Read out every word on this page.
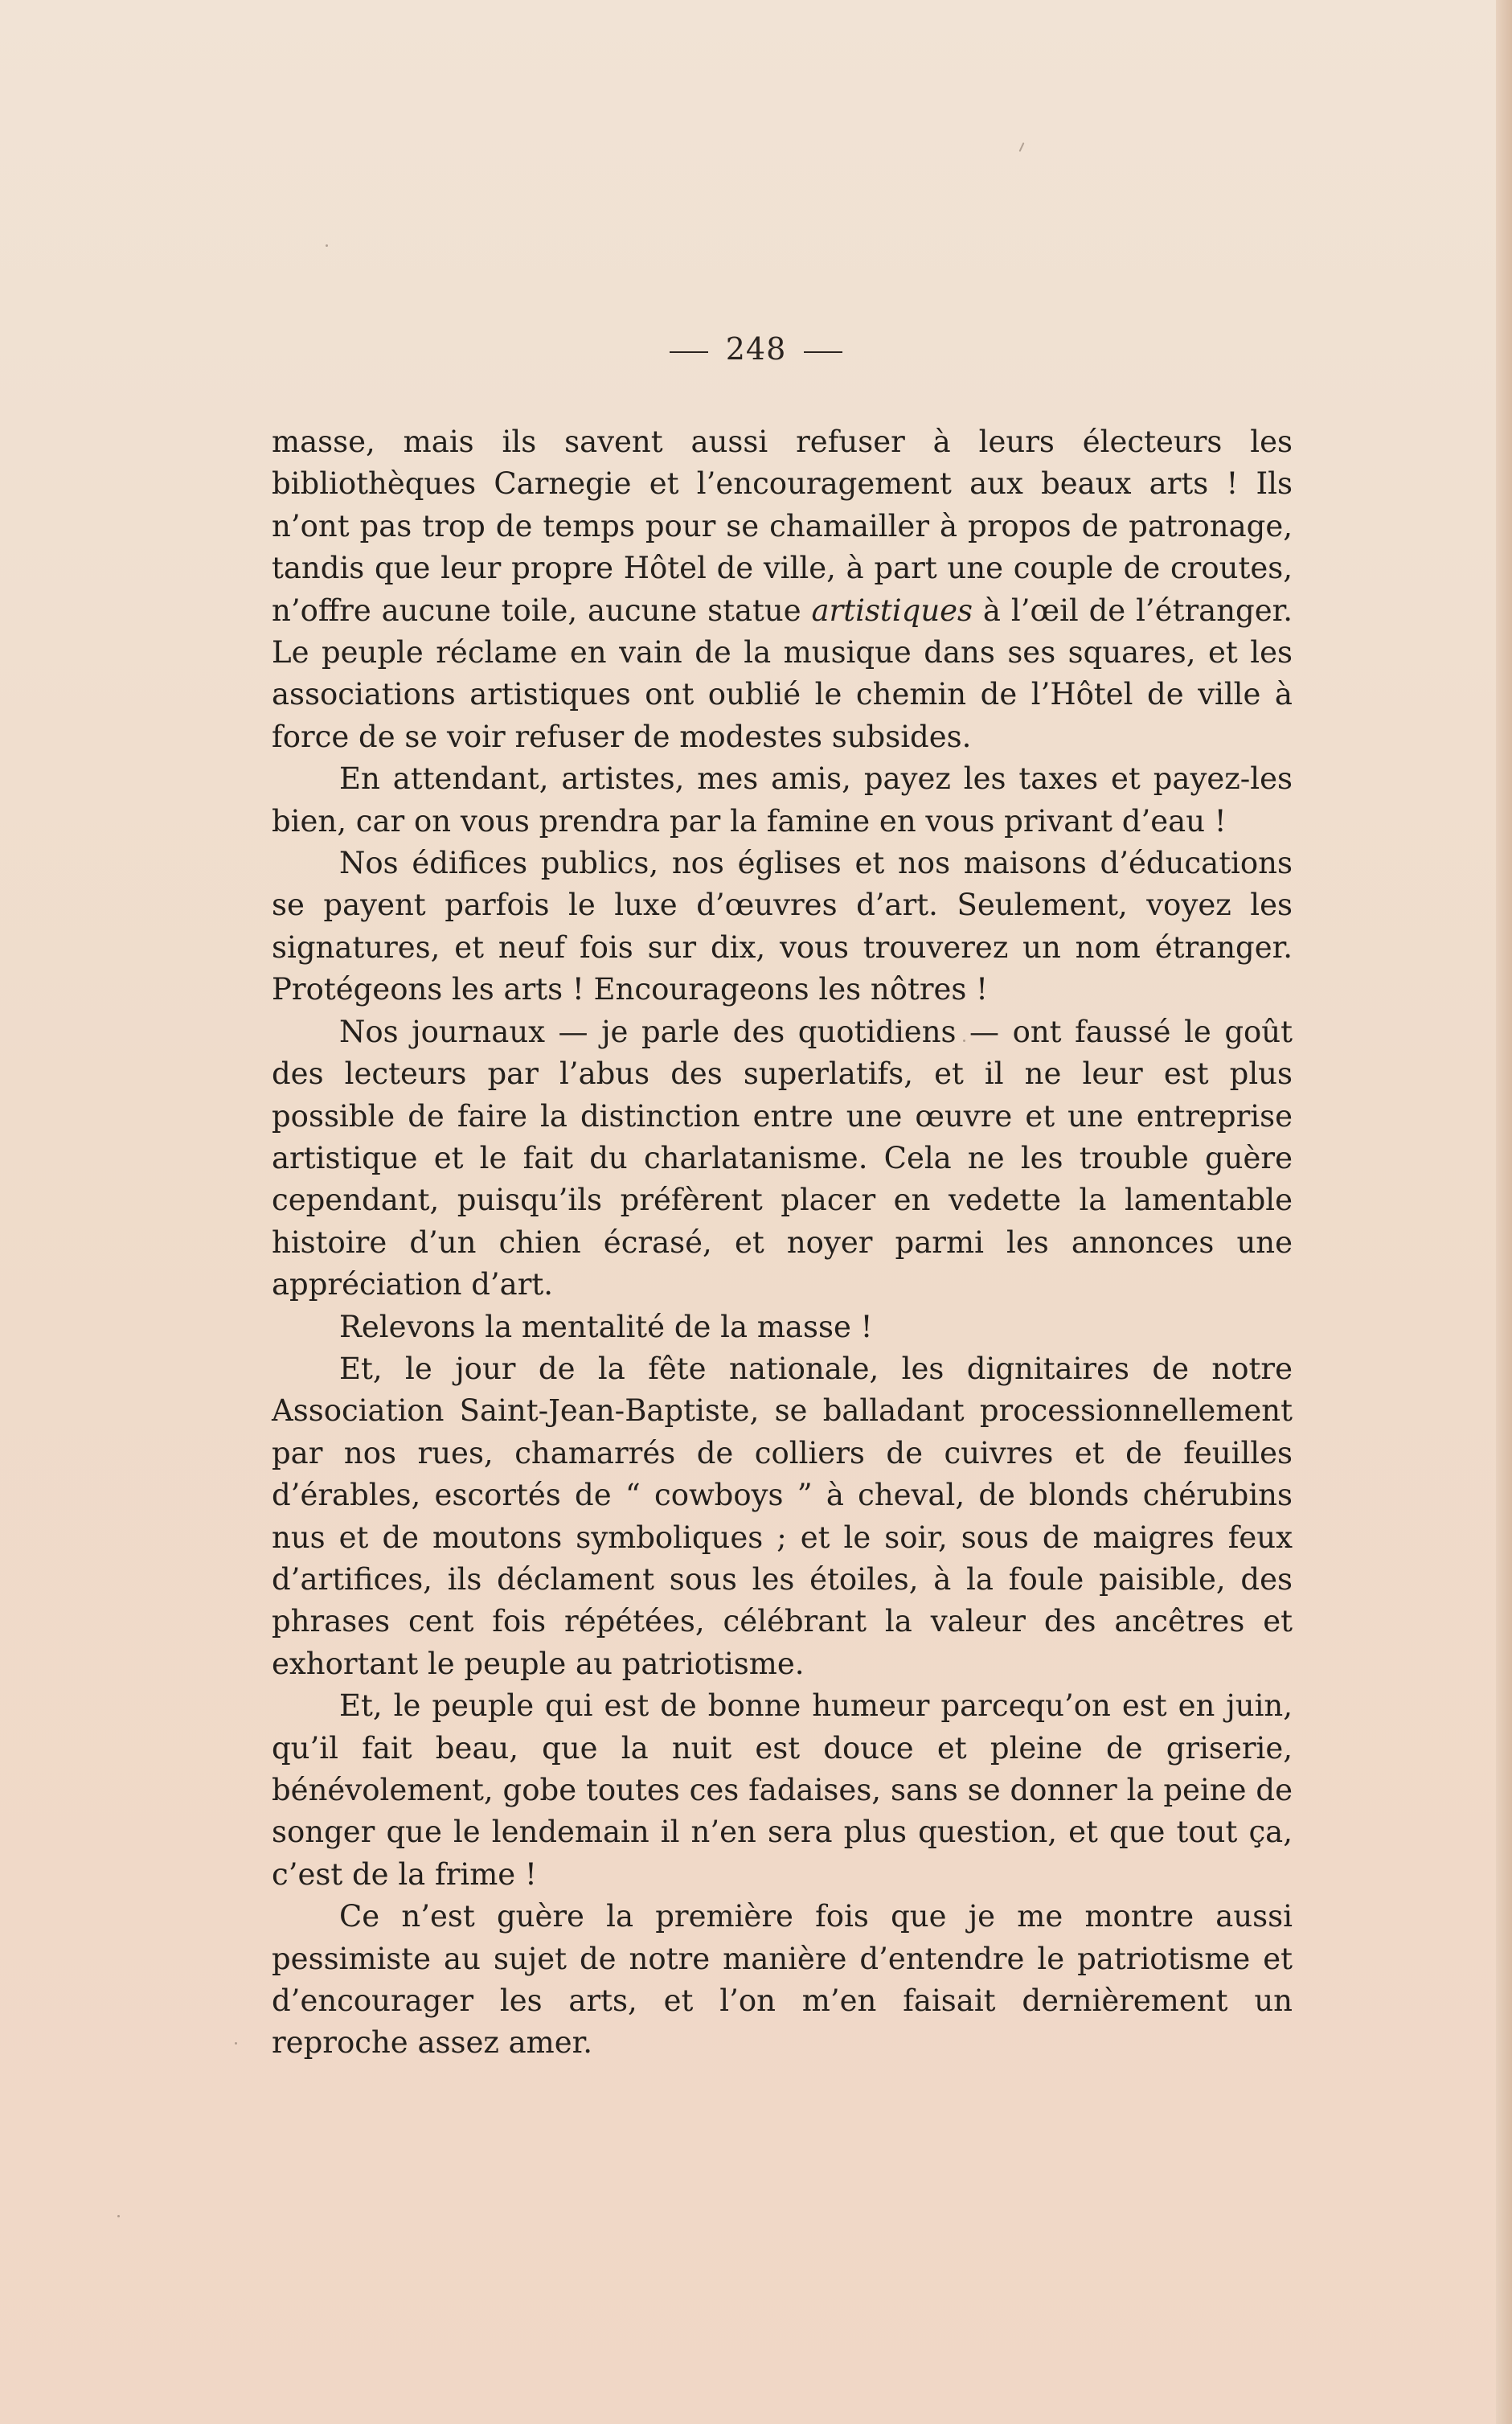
248

masse, mais ils savent aussi refuser à leurs électeurs les bibliothèques Carnegie et l’encouragement aux beaux arts ! Ils n’ont pas trop de temps pour se chamailler à propos de patronage, tandis que leur propre Hôtel de ville, à part une couple de croutes, n’offre aucune toile, aucune statue artistiques à l’œil de l’étranger. Le peuple réclame en vain de la musique dans ses squares, et les associations artistiques ont oublié le chemin de l’Hôtel de ville à force de se voir refuser de modestes subsides.

En attendant, artistes, mes amis, payez les taxes et payez-les bien, car on vous prendra par la famine en vous privant d’eau !

Nos édifices publics, nos églises et nos maisons d’éducations se payent parfois le luxe d’œuvres d’art. Seulement, voyez les signatures, et neuf fois sur dix, vous trouverez un nom étranger. Protégeons les arts ! Encourageons les nôtres !

Nos journaux — je parle des quotidiens — ont faussé le goût des lecteurs par l’abus des superlatifs, et il ne leur est plus possible de faire la distinction entre une œuvre et une entreprise artistique et le fait du charlatanisme. Cela ne les trouble guère cependant, puisqu’ils préfèrent placer en vedette la lamentable histoire d’un chien écrasé, et noyer parmi les annonces une appréciation d’art.

Relevons la mentalité de la masse !

Et, le jour de la fête nationale, les dignitaires de notre Association Saint-Jean-Baptiste, se balladant processionnellement par nos rues, chamarrés de colliers de cuivres et de feuilles d’érables, escortés de “ cowboys ” à cheval, de blonds chérubins nus et de moutons symboliques ; et le soir, sous de maigres feux d’artifices, ils déclament sous les étoiles, à la foule paisible, des phrases cent fois répétées, célébrant la valeur des ancêtres et exhortant le peuple au patriotisme.

Et, le peuple qui est de bonne humeur parcequ’on est en juin, qu’il fait beau, que la nuit est douce et pleine de griserie, bénévolement, gobe toutes ces fadaises, sans se donner la peine de songer que le lendemain il n’en sera plus question, et que tout ça, c’est de la frime !

Ce n’est guère la première fois que je me montre aussi pessimiste au sujet de notre manière d’entendre le patriotisme et d’encourager les arts, et l’on m’en faisait dernièrement un reproche assez amer.
